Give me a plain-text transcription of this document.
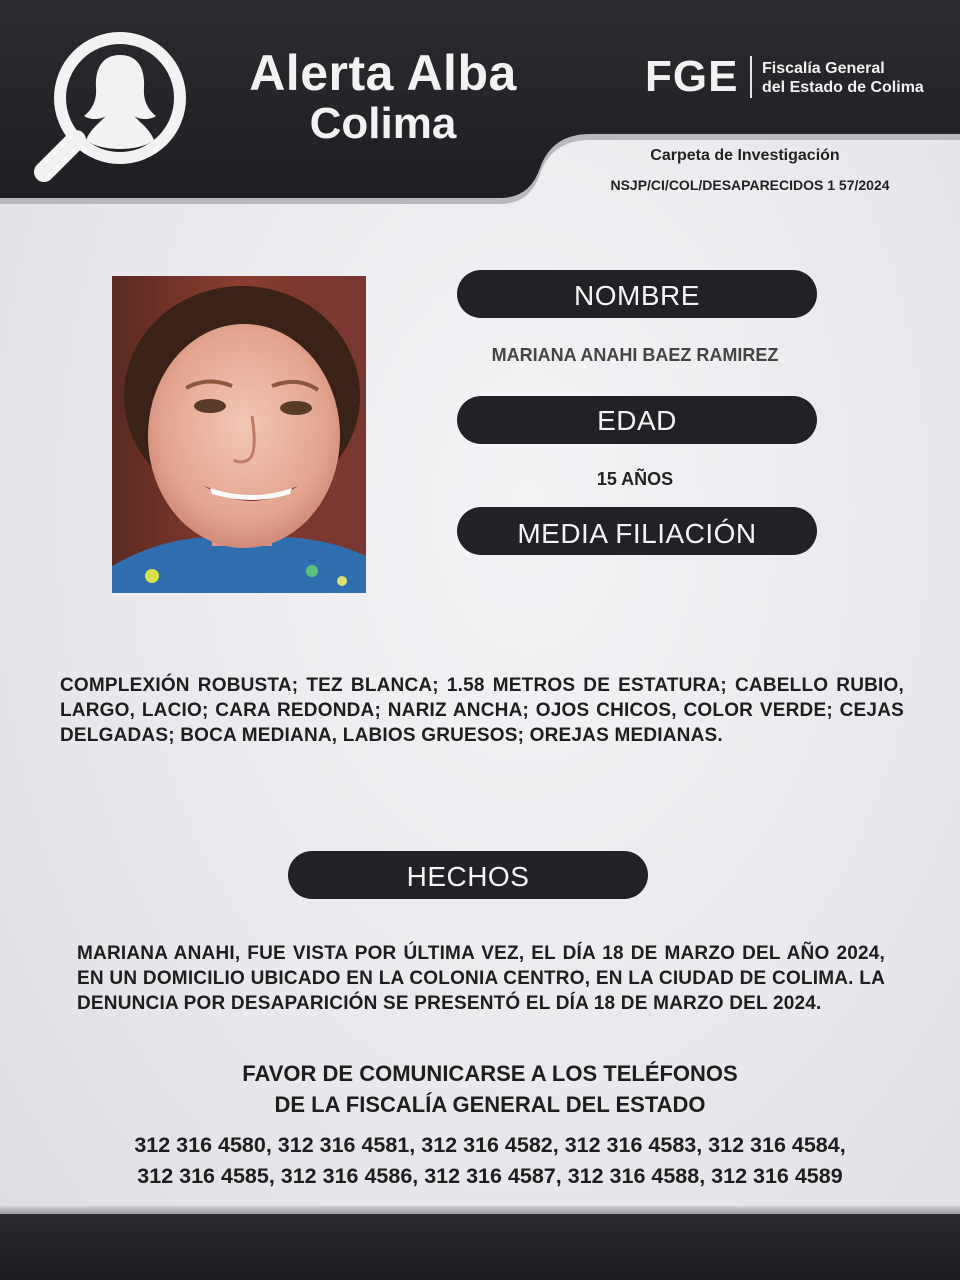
Alerta Alba
Colima
FGE Fiscalía General
del Estado de Colima
Carpeta de Investigación
NSJP/CI/COL/DESAPARECIDOS 1 57/2024
NOMBRE
MARIANA ANAHI BAEZ RAMIREZ
EDAD
15 AÑOS
MEDIA FILIACIÓN
COMPLEXIÓN ROBUSTA; TEZ BLANCA; 1.58 METROS DE ESTATURA; CABELLO RUBIO, LARGO, LACIO; CARA REDONDA; NARIZ ANCHA; OJOS CHICOS, COLOR VERDE; CEJAS DELGADAS; BOCA MEDIANA, LABIOS GRUESOS; OREJAS MEDIANAS.
HECHOS
MARIANA ANAHI, FUE VISTA POR ÚLTIMA VEZ, EL DÍA 18 DE MARZO DEL AÑO 2024, EN UN DOMICILIO UBICADO EN LA COLONIA CENTRO, EN LA CIUDAD DE COLIMA. LA DENUNCIA POR DESAPARICIÓN SE PRESENTÓ EL DÍA 18 DE MARZO DEL 2024.
FAVOR DE COMUNICARSE A LOS TELÉFONOS
DE LA FISCALÍA GENERAL DEL ESTADO
312 316 4580, 312 316 4581, 312 316 4582, 312 316 4583, 312 316 4584,
312 316 4585, 312 316 4586, 312 316 4587, 312 316 4588, 312 316 4589
